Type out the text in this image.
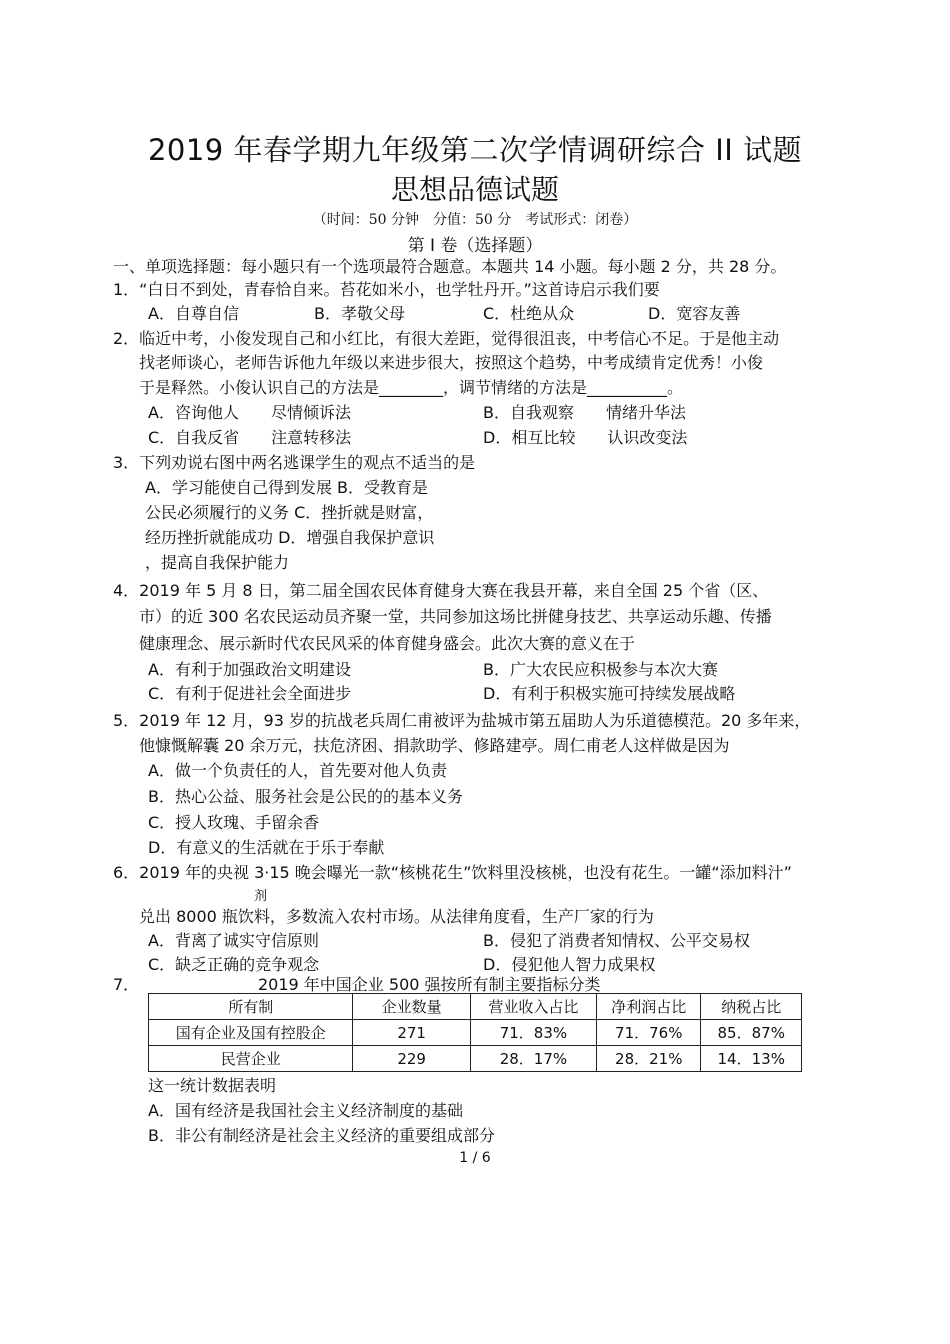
2019 年春学期九年级第二次学情调研综合 II 试题
思想品德试题
（时间：50 分钟　分值：50 分　考试形式：闭卷）
第 I 卷（选择题）
一、单项选择题：每小题只有一个选项最符合题意。本题共 14 小题。每小题 2 分，共 28 分。
1．“白日不到处，青春恰自来。苔花如米小，也学牡丹开。”这首诗启示我们要
A．自尊自信	B．孝敬父母	C．杜绝从众	D．宽容友善
2．临近中考，小俊发现自己和小红比，有很大差距，觉得很沮丧，中考信心不足。于是他主动
找老师谈心，老师告诉他九年级以来进步很大，按照这个趋势，中考成绩肯定优秀！小俊
于是释然。小俊认识自己的方法是________，调节情绪的方法是__________。
A．咨询他人　　尽情倾诉法	B．自我观察　　情绪升华法
C．自我反省　　注意转移法	D．相互比较　　认识改变法
3．下列劝说右图中两名逃课学生的观点不适当的是
A．学习能使自己得到发展 B．受教育是
公民必须履行的义务 C．挫折就是财富，
经历挫折就能成功 D．增强自我保护意识
，提高自我保护能力
4．2019 年 5 月 8 日，第二届全国农民体育健身大赛在我县开幕，来自全国 25 个省（区、
市）的近 300 名农民运动员齐聚一堂，共同参加这场比拼健身技艺、共享运动乐趣、传播
健康理念、展示新时代农民风采的体育健身盛会。此次大赛的意义在于
A．有利于加强政治文明建设	B．广大农民应积极参与本次大赛
C．有利于促进社会全面进步	D．有利于积极实施可持续发展战略
5．2019 年 12 月，93 岁的抗战老兵周仁甫被评为盐城市第五届助人为乐道德模范。20 多年来，
他慷慨解囊 20 余万元，扶危济困、捐款助学、修路建亭。周仁甫老人这样做是因为
A．做一个负责任的人，首先要对他人负责
B．热心公益、服务社会是公民的的基本义务
C．授人玫瑰、手留余香
D．有意义的生活就在于乐于奉献
6．2019 年的央视 3·15 晚会曝光一款“核桃花生”饮料里没核桃，也没有花生。一罐“添加料汁”
剂
兑出 8000 瓶饮料，多数流入农村市场。从法律角度看，生产厂家的行为
A．背离了诚实守信原则	B．侵犯了消费者知情权、公平交易权
C．缺乏正确的竞争观念	D．侵犯他人智力成果权
7．	2019 年中国企业 500 强按所有制主要指标分类
所有制	企业数量	营业收入占比	净利润占比	纳税占比
国有企业及国有控股企	271	71．83%	71．76%	85．87%
民营企业	229	28．17%	28．21%	14．13%
这一统计数据表明
A．国有经济是我国社会主义经济制度的基础
B．非公有制经济是社会主义经济的重要组成部分
1 / 6
